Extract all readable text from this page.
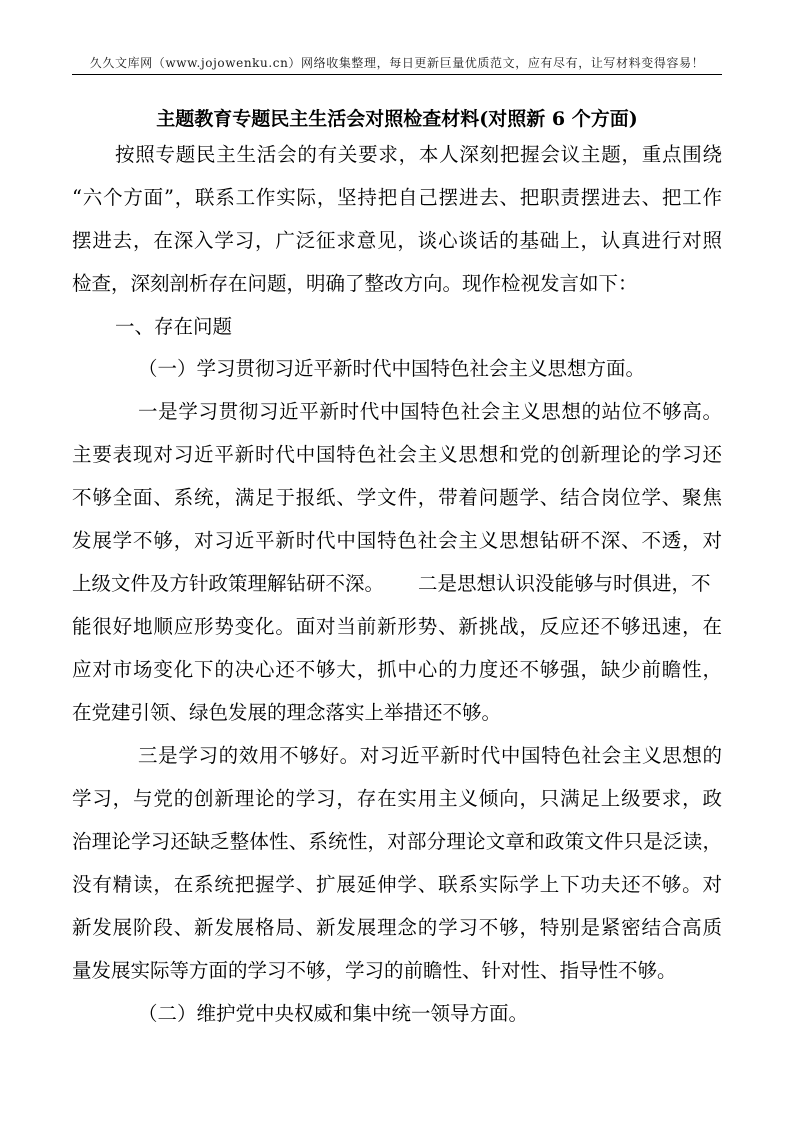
久久文库网（www.jojowenku.cn）网络收集整理，每日更新巨量优质范文，应有尽有，让写材料变得容易！
主题教育专题民主生活会对照检查材料(对照新 6 个方面)
按照专题民主生活会的有关要求，本人深刻把握会议主题，重点围绕
“六个方面”，联系工作实际，坚持把自己摆进去、把职责摆进去、把工作
摆进去，在深入学习，广泛征求意见，谈心谈话的基础上，认真进行对照
检查，深刻剖析存在问题，明确了整改方向。现作检视发言如下：
一、存在问题
（一）学习贯彻习近平新时代中国特色社会主义思想方面。
一是学习贯彻习近平新时代中国特色社会主义思想的站位不够高。
主要表现对习近平新时代中国特色社会主义思想和党的创新理论的学习还
不够全面、系统，满足于报纸、学文件，带着问题学、结合岗位学、聚焦
发展学不够，对习近平新时代中国特色社会主义思想钻研不深、不透，对
上级文件及方针政策理解钻研不深。 二是思想认识没能够与时俱进，不
能很好地顺应形势变化。面对当前新形势、新挑战，反应还不够迅速，在
应对市场变化下的决心还不够大，抓中心的力度还不够强，缺少前瞻性，
在党建引领、绿色发展的理念落实上举措还不够。
三是学习的效用不够好。对习近平新时代中国特色社会主义思想的
学习，与党的创新理论的学习，存在实用主义倾向，只满足上级要求，政
治理论学习还缺乏整体性、系统性，对部分理论文章和政策文件只是泛读，
没有精读，在系统把握学、扩展延伸学、联系实际学上下功夫还不够。对
新发展阶段、新发展格局、新发展理念的学习不够，特别是紧密结合高质
量发展实际等方面的学习不够，学习的前瞻性、针对性、指导性不够。
（二）维护党中央权威和集中统一领导方面。
